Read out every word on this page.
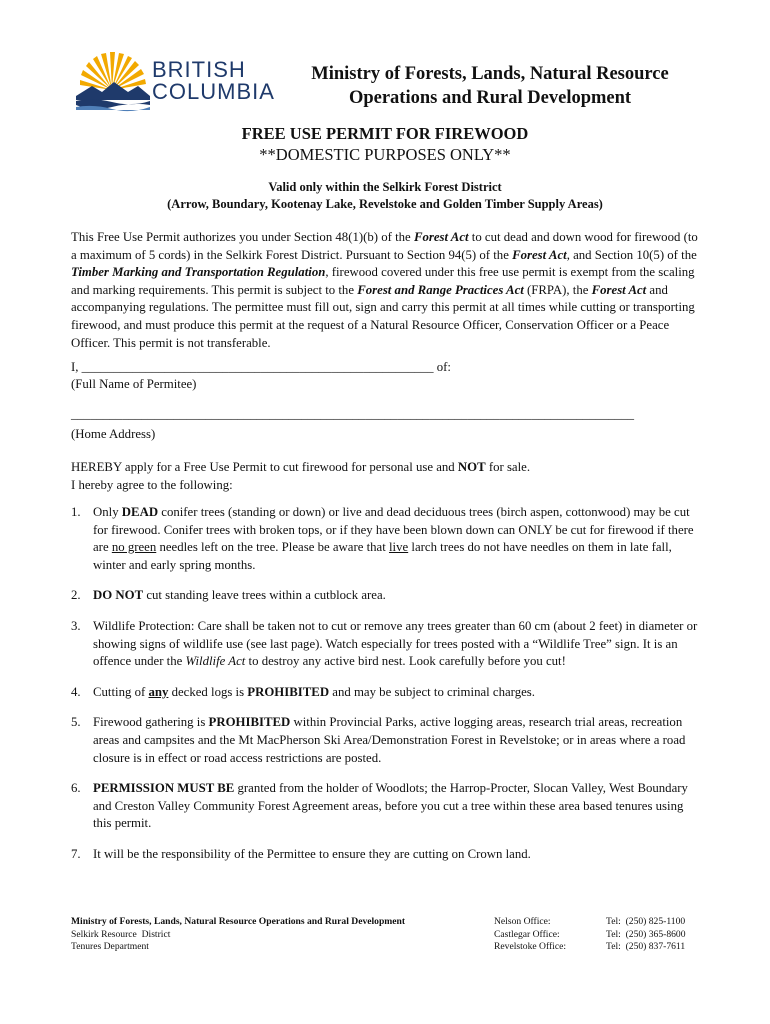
BRITISH
COLUMBIA
Ministry of Forests, Lands, Natural Resource
Operations and Rural Development
FREE USE PERMIT FOR FIREWOOD
**DOMESTIC PURPOSES ONLY**
Valid only within the Selkirk Forest District
(Arrow, Boundary, Kootenay Lake, Revelstoke and Golden Timber Supply Areas)
This Free Use Permit authorizes you under Section 48(1)(b) of the Forest Act to cut dead and down wood for firewood (to a maximum of 5 cords) in the Selkirk Forest District. Pursuant to Section 94(5) of the Forest Act, and Section 10(5) of the Timber Marking and Transportation Regulation, firewood covered under this free use permit is exempt from the scaling and marking requirements. This permit is subject to the Forest and Range Practices Act (FRPA), the Forest Act and accompanying regulations. The permittee must fill out, sign and carry this permit at all times while cutting or transporting firewood, and must produce this permit at the request of a Natural Resource Officer, Conservation Officer or a Peace Officer. This permit is not transferable.
I, _______________________________________________________ of:
(Full Name of Permitee)
________________________________________________________________________________________
(Home Address)
HEREBY apply for a Free Use Permit to cut firewood for personal use and NOT for sale.
I hereby agree to the following:
1. Only DEAD conifer trees (standing or down) or live and dead deciduous trees (birch aspen, cottonwood) may be cut for firewood. Conifer trees with broken tops, or if they have been blown down can ONLY be cut for firewood if there are no green needles left on the tree. Please be aware that live larch trees do not have needles on them in late fall, winter and early spring months.
2. DO NOT cut standing leave trees within a cutblock area.
3. Wildlife Protection: Care shall be taken not to cut or remove any trees greater than 60 cm (about 2 feet) in diameter or showing signs of wildlife use (see last page). Watch especially for trees posted with a “Wildlife Tree” sign. It is an offence under the Wildlife Act to destroy any active bird nest. Look carefully before you cut!
4. Cutting of any decked logs is PROHIBITED and may be subject to criminal charges.
5. Firewood gathering is PROHIBITED within Provincial Parks, active logging areas, research trial areas, recreation areas and campsites and the Mt MacPherson Ski Area/Demonstration Forest in Revelstoke; or in areas where a road closure is in effect or road access restrictions are posted.
6. PERMISSION MUST BE granted from the holder of Woodlots; the Harrop-Procter, Slocan Valley, West Boundary and Creston Valley Community Forest Agreement areas, before you cut a tree within these area based tenures using this permit.
7. It will be the responsibility of the Permittee to ensure they are cutting on Crown land.
Ministry of Forests, Lands, Natural Resource Operations and Rural Development
Selkirk Resource  District
Tenures Department
Nelson Office:
Castlegar Office:
Revelstoke Office:
Tel:  (250) 825-1100
Tel:  (250) 365-8600
Tel:  (250) 837-7611
